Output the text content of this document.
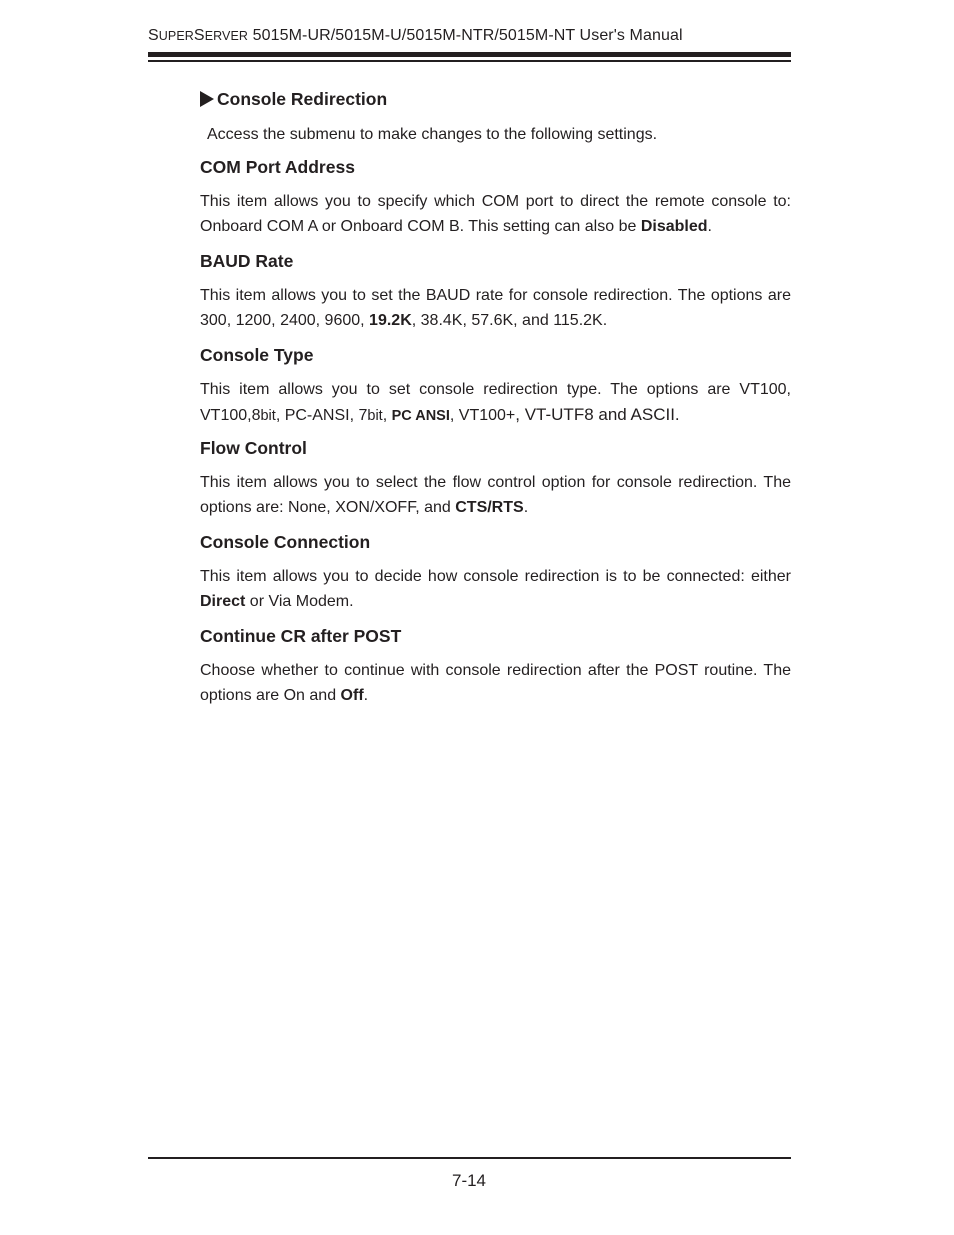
SUPERSERVER 5015M-UR/5015M-U/5015M-NTR/5015M-NT User's Manual
Console Redirection

Access the submenu to make changes to the following settings.

COM Port Address

This item allows you to specify which COM port to direct the remote console to: Onboard COM A or Onboard COM B. This setting can also be Disabled.

BAUD Rate

This item allows you to set the BAUD rate for console redirection. The options are 300, 1200, 2400, 9600, 19.2K, 38.4K, 57.6K, and 115.2K.

Console Type

This item allows you to set console redirection type. The options are VT100, VT100,8bit, PC-ANSI, 7bit, PC ANSI, VT100+, VT-UTF8 and ASCII.

Flow Control

This item allows you to select the flow control option for console redirection. The options are: None, XON/XOFF, and CTS/RTS.

Console Connection

This item allows you to decide how console redirection is to be connected: either Direct or Via Modem.

Continue CR after POST

Choose whether to continue with console redirection after the POST routine. The options are On and Off.

7-14
